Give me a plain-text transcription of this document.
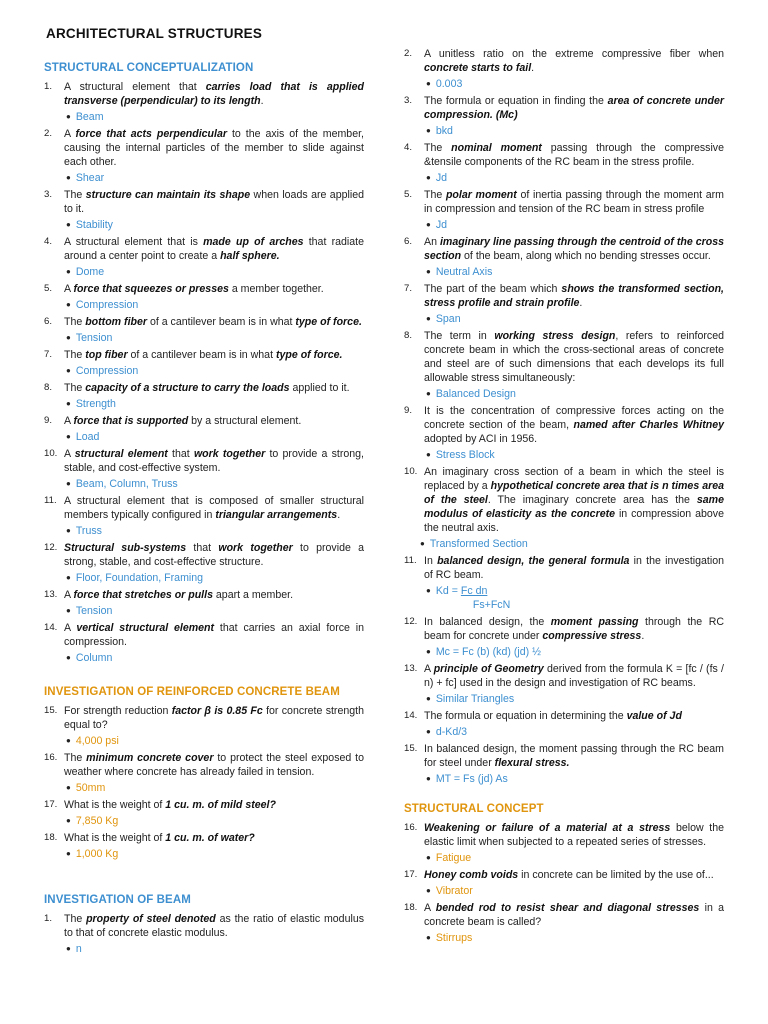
ARCHITECTURAL STRUCTURES
STRUCTURAL CONCEPTUALIZATION
1.	A structural element that carries load that is applied transverse (perpendicular) to its length.
● Beam
2.	A force that acts perpendicular to the axis of the member, causing the internal particles of the member to slide against each other.
● Shear
3.	The structure can maintain its shape when loads are applied to it.
● Stability
4.	A structural element that is made up of arches that radiate around a center point to create a half sphere.
● Dome
5.	A force that squeezes or presses a member together.
● Compression
6.	The bottom fiber of a cantilever beam is in what type of force.
● Tension
7.	The top fiber of a cantilever beam is in what type of force.
● Compression
8.	The capacity of a structure to carry the loads applied to it.
● Strength
9.	A force that is supported by a structural element.
● Load
10. A structural element that work together to provide a strong, stable, and cost-effective system.
● Beam, Column, Truss
11. A structural element that is composed of smaller structural members typically configured in triangular arrangements.
● Truss
12. Structural sub-systems that work together to provide a strong, stable, and cost-effective structure.
● Floor, Foundation, Framing
13. A force that stretches or pulls apart a member.
● Tension
14. A vertical structural element that carries an axial force in compression.
● Column
INVESTIGATION OF REINFORCED CONCRETE BEAM
15. For strength reduction factor β is 0.85 Fc for concrete strength equal to?
● 4,000 psi
16. The minimum concrete cover to protect the steel exposed to weather where concrete has already failed in tension.
● 50mm
17. What is the weight of 1 cu. m. of mild steel?
● 7,850 Kg
18. What is the weight of 1 cu. m. of water?
● 1,000 Kg
INVESTIGATION OF BEAM
1.	The property of steel denoted as the ratio of elastic modulus to that of concrete elastic modulus.
● n
2.	A unitless ratio on the extreme compressive fiber when concrete starts to fail.
● 0.003
3.	The formula or equation in finding the area of concrete under compression. (Mc)
● bkd
4.	The nominal moment passing through the compressive &tensile components of the RC beam in the stress profile.
● Jd
5.	The polar moment of inertia passing through the moment arm in compression and tension of the RC beam in stress profile
● Jd
6.	An imaginary line passing through the centroid of the cross section of the beam, along which no bending stresses occur.
● Neutral Axis
7.	The part of the beam which shows the transformed section, stress profile and strain profile.
● Span
8.	The term in working stress design, refers to reinforced concrete beam in which the cross-sectional areas of concrete and steel are of such dimensions that each develops its full allowable stress simultaneously:
● Balanced Design
9.	It is the concentration of compressive forces acting on the concrete section of the beam, named after Charles Whitney adopted by ACI in 1956.
● Stress Block
10. An imaginary cross section of a beam in which the steel is replaced by a hypothetical concrete area that is n times area of the steel. The imaginary concrete area has the same modulus of elasticity as the concrete in compression above the neutral axis.
● Transformed Section
11. In balanced design, the general formula in the investigation of RC beam.
● $Kd = \frac{\text{Fc dn}}{\text{Fs+FcN}}$
12. In balanced design, the moment passing through the RC beam for concrete under compressive stress.
● Mc = Fc (b) (kd) (jd) ½
13. A principle of Geometry derived from the formula K = [fc / (fs / n) + fc] used in the design and investigation of RC beams.
● Similar Triangles
14. The formula or equation in determining the value of Jd
● d-Kd/3
15. In balanced design, the moment passing through the RC beam for steel under flexural stress.
● MT = Fs (jd) As
STRUCTURAL CONCEPT
16. Weakening or failure of a material at a stress below the elastic limit when subjected to a repeated series of stresses.
● Fatigue
17. Honey comb voids in concrete can be limited by the use of...
● Vibrator
18. A bended rod to resist shear and diagonal stresses in a concrete beam is called?
● Stirrups
